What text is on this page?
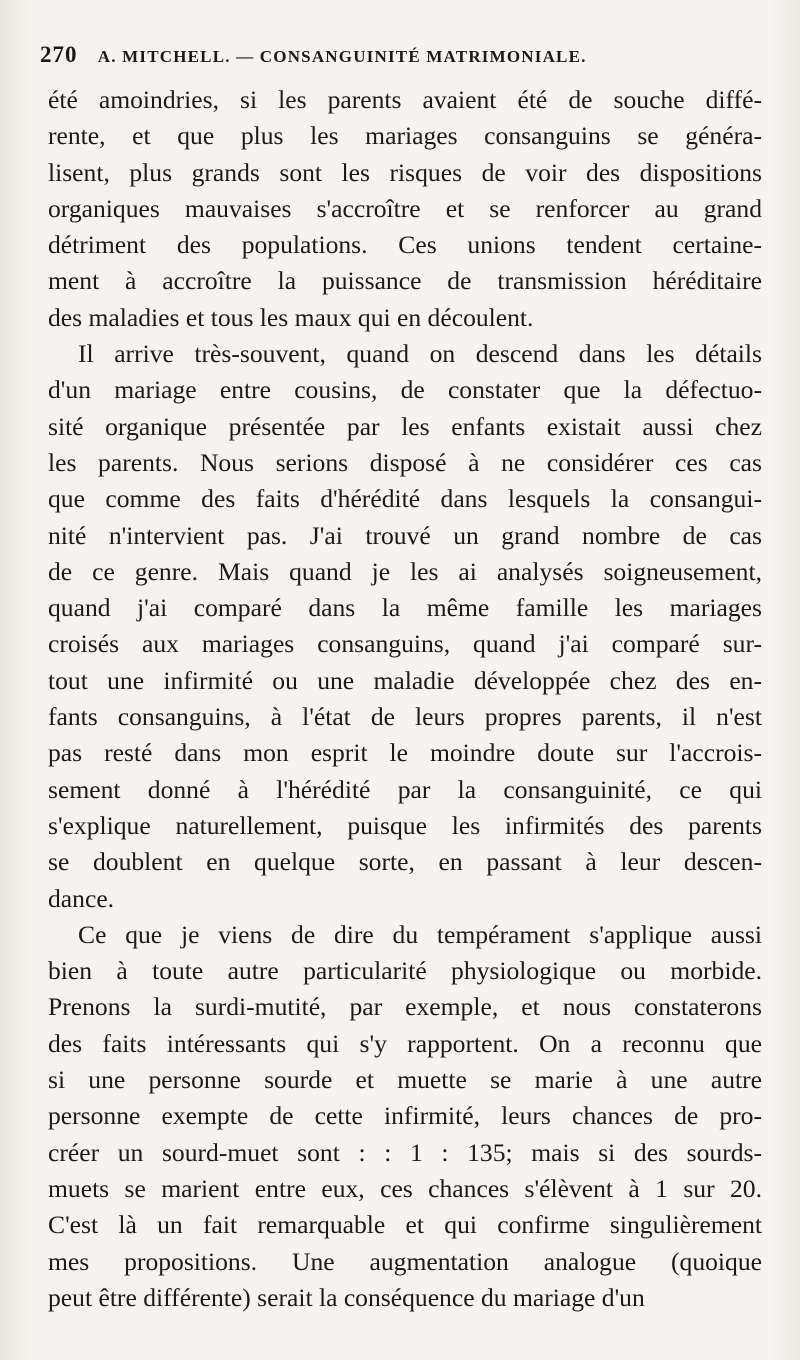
270 A. MITCHELL. — CONSANGUINITÉ MATRIMONIALE.
été amoindries, si les parents avaient été de souche diffé-
rente, et que plus les mariages consanguins se généra-
lisent, plus grands sont les risques de voir des dispositions
organiques mauvaises s'accroître et se renforcer au grand
détriment des populations. Ces unions tendent certaine-
ment à accroître la puissance de transmission héréditaire
des maladies et tous les maux qui en découlent.
Il arrive très-souvent, quand on descend dans les détails
d'un mariage entre cousins, de constater que la défectuo-
sité organique présentée par les enfants existait aussi chez
les parents. Nous serions disposé à ne considérer ces cas
que comme des faits d'hérédité dans lesquels la consangui-
nité n'intervient pas. J'ai trouvé un grand nombre de cas
de ce genre. Mais quand je les ai analysés soigneusement,
quand j'ai comparé dans la même famille les mariages
croisés aux mariages consanguins, quand j'ai comparé sur-
tout une infirmité ou une maladie développée chez des en-
fants consanguins, à l'état de leurs propres parents, il n'est
pas resté dans mon esprit le moindre doute sur l'accrois-
sement donné à l'hérédité par la consanguinité, ce qui
s'explique naturellement, puisque les infirmités des parents
se doublent en quelque sorte, en passant à leur descen-
dance.
Ce que je viens de dire du tempérament s'applique aussi
bien à toute autre particularité physiologique ou morbide.
Prenons la surdi-mutité, par exemple, et nous constaterons
des faits intéressants qui s'y rapportent. On a reconnu que
si une personne sourde et muette se marie à une autre
personne exempte de cette infirmité, leurs chances de pro-
créer un sourd-muet sont : : 1 : 135; mais si des sourds-
muets se marient entre eux, ces chances s'élèvent à 1 sur 20.
C'est là un fait remarquable et qui confirme singulièrement
mes propositions. Une augmentation analogue (quoique
peut être différente) serait la conséquence du mariage d'un
